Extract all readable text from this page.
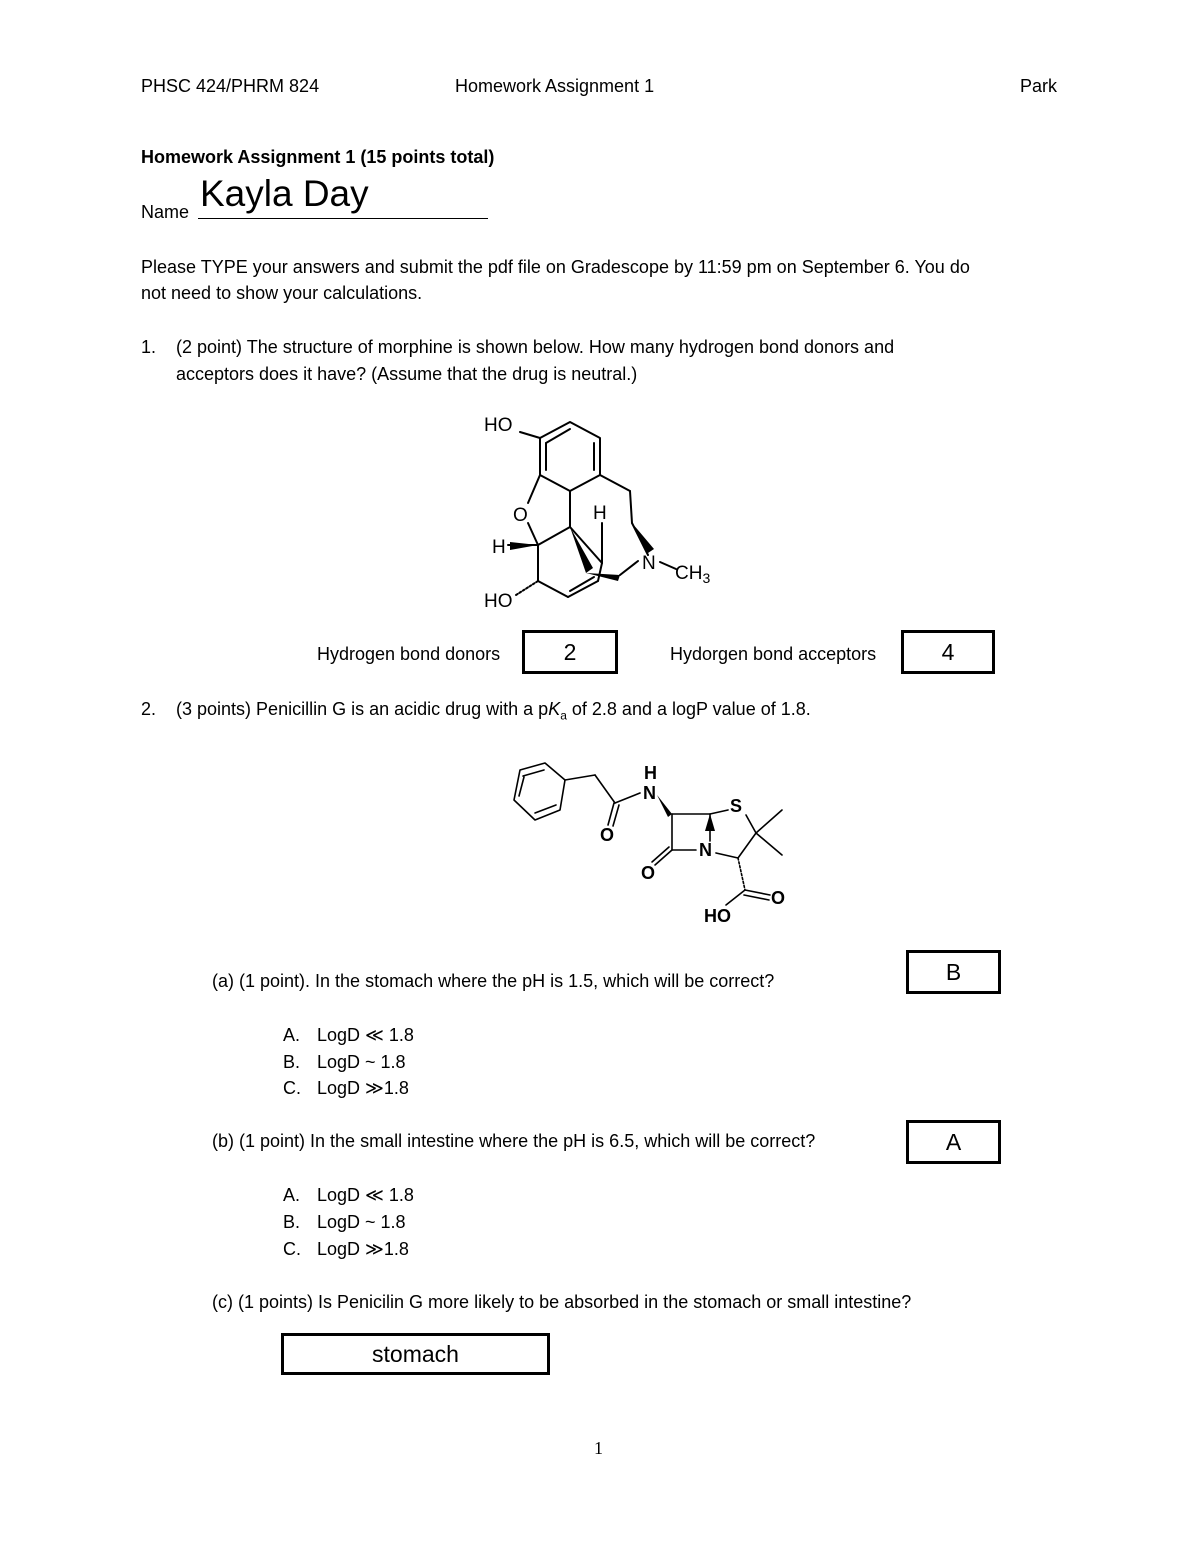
PHSC 424/PHRM 824	Homework Assignment 1	Park
Homework Assignment 1 (15 points total)
Name Kayla Day
Please TYPE your answers and submit the pdf file on Gradescope by 11:59 pm on September 6. You do
not need to show your calculations.
1. (2 point) The structure of morphine is shown below. How many hydrogen bond donors and
acceptors does it have? (Assume that the drug is neutral.)
HO
O
H
H
N $CH_3$
HO
Hydrogen bond donors	2	Hydorgen bond acceptors	4
2. (3 points) Penicillin G is an acidic drug with a $pK_a$ of 2.8 and a logP value of 1.8.
H
N
S
O
N
O
O
HO
(a) (1 point). In the stomach where the pH is 1.5, which will be correct?	B
A. LogD ≪ 1.8
B. LogD ~ 1.8
C. LogD ≫1.8
(b) (1 point) In the small intestine where the pH is 6.5, which will be correct?	A
A. LogD ≪ 1.8
B. LogD ~ 1.8
C. LogD ≫1.8
(c) (1 points) Is Penicilin G more likely to be absorbed in the stomach or small intestine?
stomach
1
